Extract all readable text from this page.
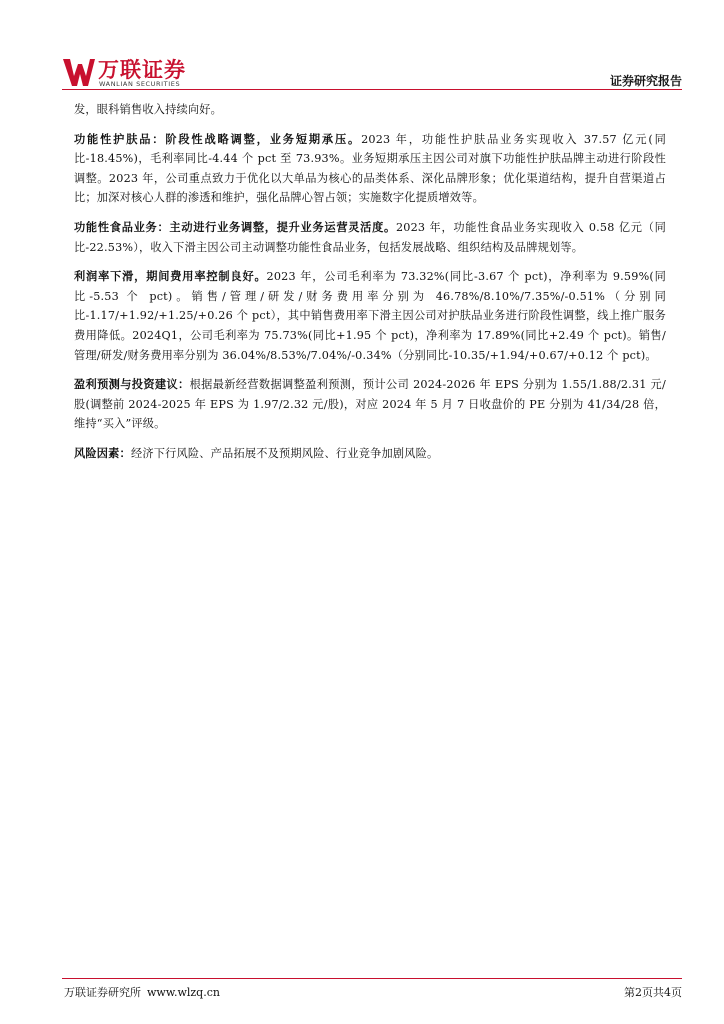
万联证券
WANLIAN SECURITIES	证券研究报告

发，眼科销售收入持续向好。

功能性护肤品：阶段性战略调整，业务短期承压。2023 年，功能性护肤品业务实现收入 37.57 亿元(同比-18.45%)，毛利率同比-4.44 个 pct 至 73.93%。业务短期承压主因公司对旗下功能性护肤品牌主动进行阶段性调整。2023 年，公司重点致力于优化以大单品为核心的品类体系、深化品牌形象；优化渠道结构，提升自营渠道占比；加深对核心人群的渗透和维护，强化品牌心智占领；实施数字化提质增效等。

功能性食品业务：主动进行业务调整，提升业务运营灵活度。2023 年，功能性食品业务实现收入 0.58 亿元（同比-22.53%），收入下滑主因公司主动调整功能性食品业务，包括发展战略、组织结构及品牌规划等。

利润率下滑，期间费用率控制良好。2023 年，公司毛利率为 73.32%(同比-3.67 个 pct)，净利率为 9.59%(同比-5.53 个 pct)。销售/管理/研发/财务费用率分别为 46.78%/8.10%/7.35%/-0.51%（分别同比-1.17/+1.92/+1.25/+0.26 个 pct），其中销售费用率下滑主因公司对护肤品业务进行阶段性调整，线上推广服务费用降低。2024Q1，公司毛利率为 75.73%(同比+1.95 个 pct)，净利率为 17.89%(同比+2.49 个 pct)。销售/管理/研发/财务费用率分别为 36.04%/8.53%/7.04%/-0.34%（分别同比-10.35/+1.94/+0.67/+0.12 个 pct)。

盈利预测与投资建议：根据最新经营数据调整盈利预测，预计公司 2024-2026 年 EPS 分别为 1.55/1.88/2.31 元/股(调整前 2024-2025 年 EPS 为 1.97/2.32 元/股)，对应 2024 年 5 月 7 日收盘价的 PE 分别为 41/34/28 倍，维持“买入”评级。

风险因素：经济下行风险、产品拓展不及预期风险、行业竞争加剧风险。

万联证券研究所 www.wlzq.cn	第2页共4页
